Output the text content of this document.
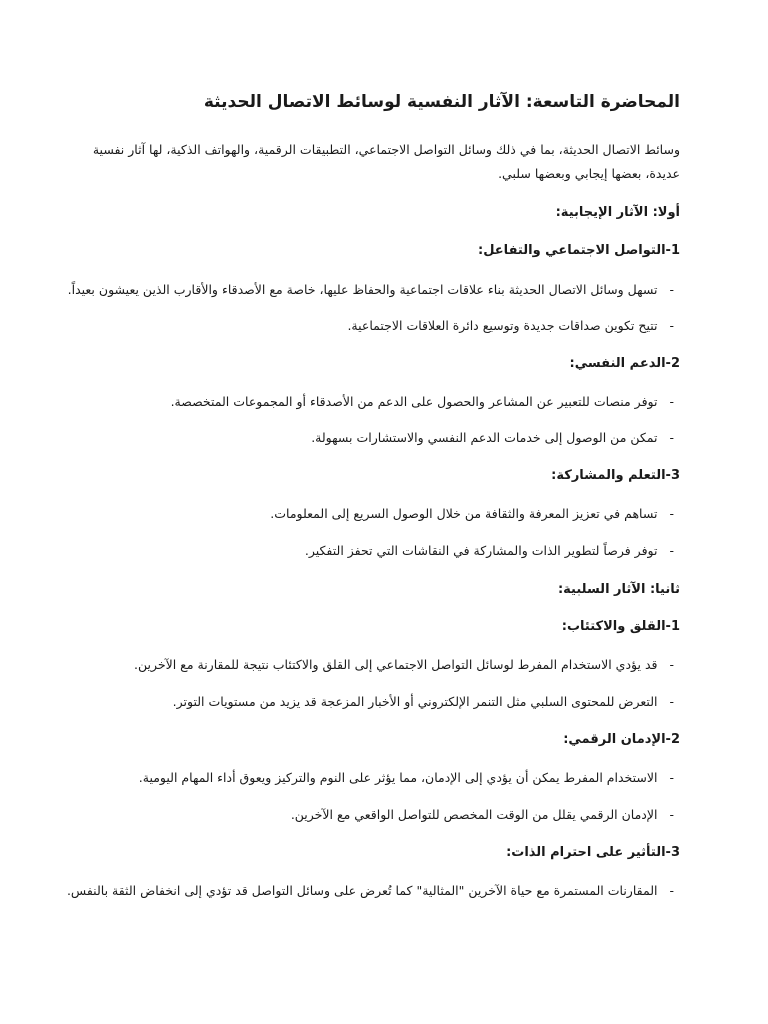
المحاضرة التاسعة: الآثار النفسية لوسائط الاتصال الحديثة
وسائط الاتصال الحديثة، بما في ذلك وسائل التواصل الاجتماعي، التطبيقات الرقمية، والهواتف الذكية، لها آثار نفسية عديدة، بعضها إيجابي وبعضها سلبي.
أولا: الآثار الإيجابية:
1-التواصل الاجتماعي والتفاعل:
-
تسهل وسائل الاتصال الحديثة بناء علاقات اجتماعية والحفاظ عليها، خاصة مع الأصدقاء والأقارب الذين يعيشون بعيداً.
-
تتيح تكوين صداقات جديدة وتوسيع دائرة العلاقات الاجتماعية.
2-الدعم النفسي:
-
توفر منصات للتعبير عن المشاعر والحصول على الدعم من الأصدقاء أو المجموعات المتخصصة.
-
تمكن من الوصول إلى خدمات الدعم النفسي والاستشارات بسهولة.
3-التعلم والمشاركة:
-
تساهم في تعزيز المعرفة والثقافة من خلال الوصول السريع إلى المعلومات.
-
توفر فرصاً لتطوير الذات والمشاركة في النقاشات التي تحفز التفكير.
ثانيا: الآثار السلبية:
1-القلق والاكتئاب:
-
قد يؤدي الاستخدام المفرط لوسائل التواصل الاجتماعي إلى القلق والاكتئاب نتيجة للمقارنة مع الآخرين.
-
التعرض للمحتوى السلبي مثل التنمر الإلكتروني أو الأخبار المزعجة قد يزيد من مستويات التوتر.
2-الإدمان الرقمي:
-
الاستخدام المفرط يمكن أن يؤدي إلى الإدمان، مما يؤثر على النوم والتركيز ويعوق أداء المهام اليومية.
-
الإدمان الرقمي يقلل من الوقت المخصص للتواصل الواقعي مع الآخرين.
3-التأثير على احترام الذات:
-
المقارنات المستمرة مع حياة الآخرين "المثالية" كما تُعرض على وسائل التواصل قد تؤدي إلى انخفاض الثقة بالنفس.
